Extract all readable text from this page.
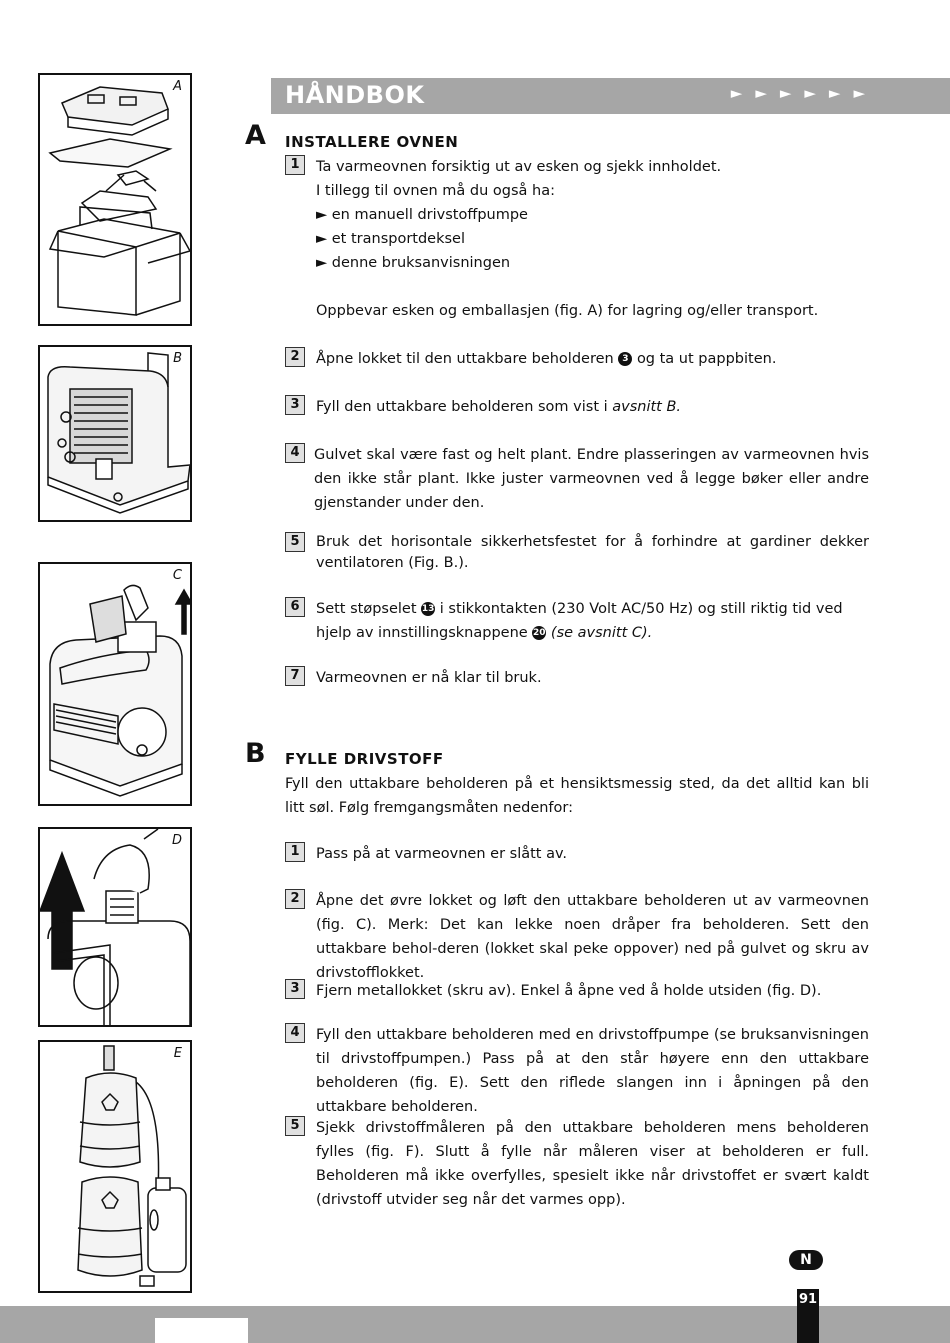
A
B
C
D
E
HÅNDBOK	►►►►►►
A INSTALLERE OVNEN
1	Ta varmeovnen forsiktig ut av esken og sjekk innholdet.
I tillegg til ovnen må du også ha:
► en manuell drivstoffpumpe
► et transportdeksel
► denne bruksanvisningen
Oppbevar esken og emballasjen (fig. A) for lagring og/eller transport.
2	Åpne lokket til den uttakbare beholderen 3 og ta ut pappbiten.
3	Fyll den uttakbare beholderen som vist i avsnitt B.
4 Gulvet skal være fast og helt plant. Endre plasseringen av varmeovnen hvis den ikke står plant. Ikke juster varmeovnen ved å legge bøker eller andre gjenstander under den.
5	Bruk det horisontale sikkerhetsfestet for å forhindre at gardiner dekker ventilatoren (Fig. B.).
6	Sett støpselet 13 i stikkontakten (230 Volt AC/50 Hz) og still riktig tid ved hjelp av innstillingsknappene 20 (se avsnitt C).
7	Varmeovnen er nå klar til bruk.
B FYLLE DRIVSTOFF
Fyll den uttakbare beholderen på et hensiktsmessig sted, da det alltid kan bli litt søl. Følg fremgangsmåten nedenfor:
1	Pass på at varmeovnen er slått av.
2	Åpne det øvre lokket og løft den uttakbare beholderen ut av varmeovnen (fig. C). Merk: Det kan lekke noen dråper fra beholderen. Sett den uttakbare behol-deren (lokket skal peke oppover) ned på gulvet og skru av drivstofflokket.
3	Fjern metallokket (skru av). Enkel å åpne ved å holde utsiden (fig. D).
4	Fyll den uttakbare beholderen med en drivstoffpumpe (se bruksanvisningen til drivstoffpumpen.) Pass på at den står høyere enn den uttakbare beholderen (fig. E). Sett den riflede slangen inn i åpningen på den uttakbare beholderen.
5	Sjekk drivstoffmåleren på den uttakbare beholderen mens beholderen fylles (fig. F). Slutt å fylle når måleren viser at beholderen er full. Beholderen må ikke overfylles, spesielt ikke når drivstoffet er svært kaldt (drivstoff utvider seg når det varmes opp).
N
91
